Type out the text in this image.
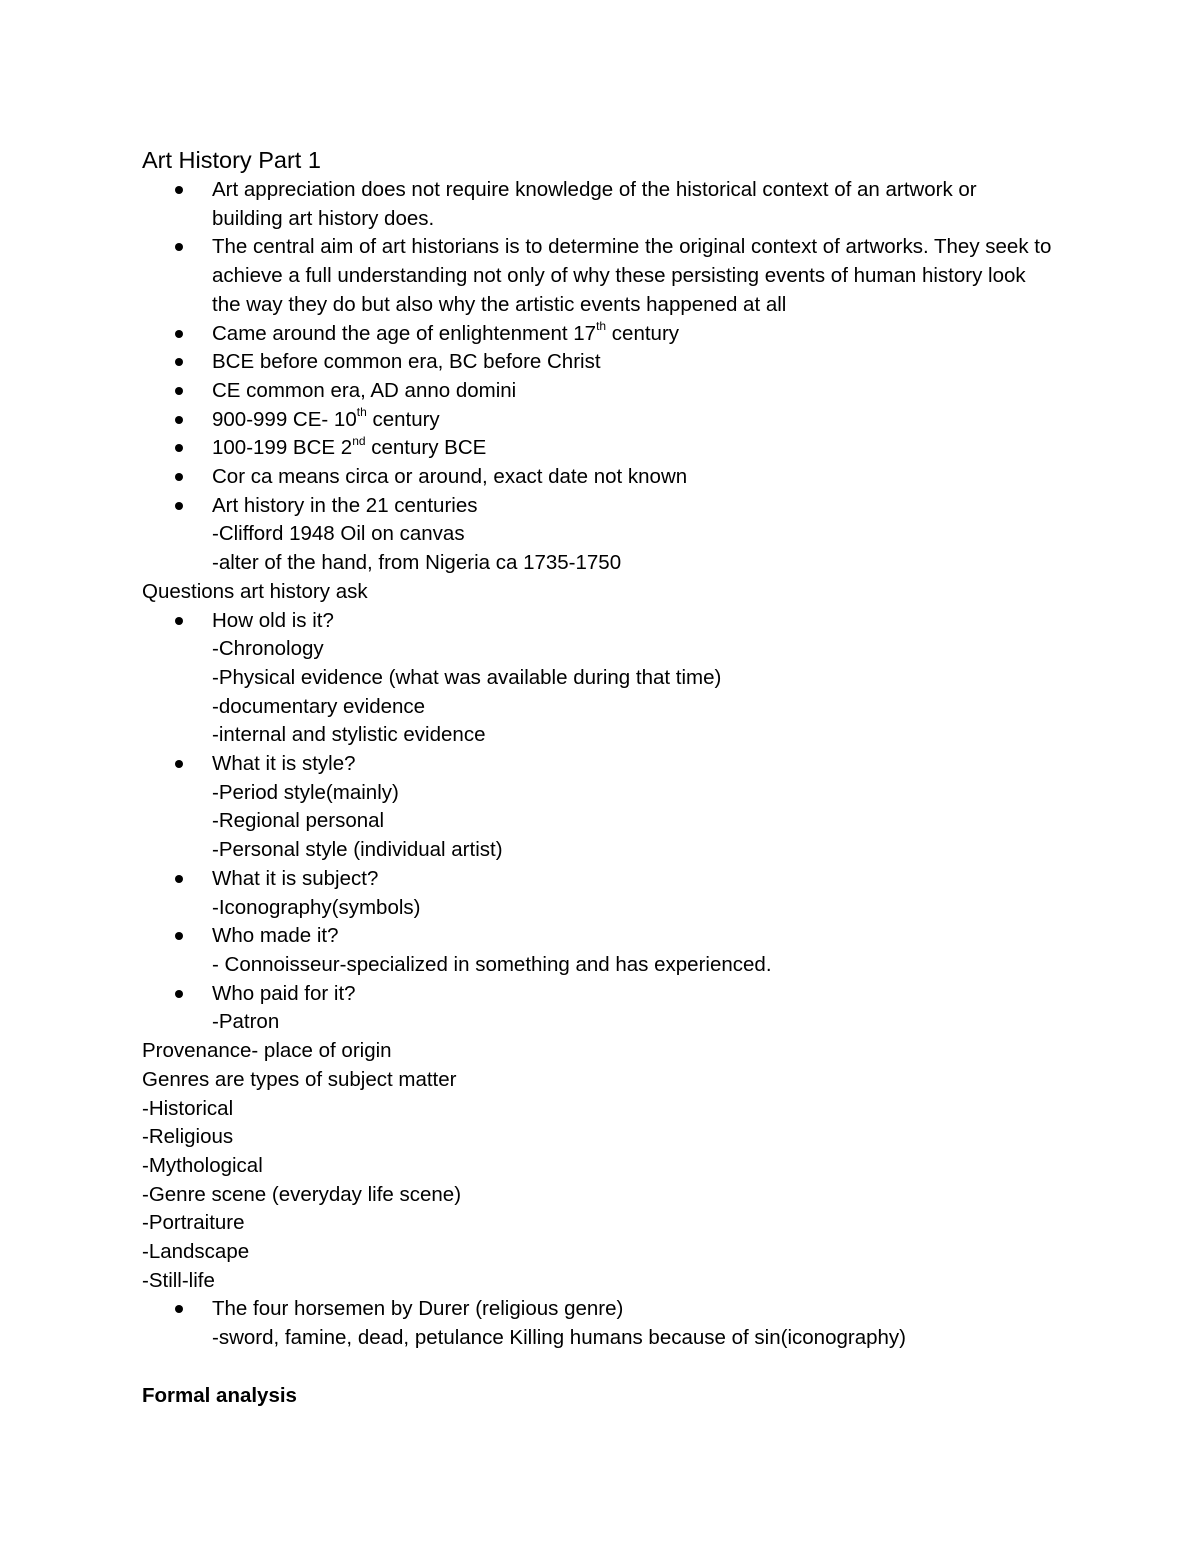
Art History Part 1
Art appreciation does not require knowledge of the historical context of an artwork or building art history does.
The central aim of art historians is to determine the original context of artworks. They seek to achieve a full understanding not only of why these persisting events of human history look the way they do but also why the artistic events happened at all
Came around the age of enlightenment 17th century
BCE before common era, BC before Christ
CE common era, AD anno domini
900-999 CE- 10th century
100-199 BCE 2nd century BCE
Cor ca means circa or around, exact date not known
Art history in the 21 centuries
-Clifford 1948 Oil on canvas
-alter of the hand, from Nigeria ca 1735-1750
Questions art history ask
How old is it?
-Chronology
-Physical evidence (what was available during that time)
-documentary evidence
-internal and stylistic evidence
What it is style?
-Period style(mainly)
-Regional personal
-Personal style (individual artist)
What it is subject?
-Iconography(symbols)
Who made it?
- Connoisseur-specialized in something and has experienced.
Who paid for it?
-Patron
Provenance- place of origin
Genres are types of subject matter
-Historical
-Religious
-Mythological
-Genre scene (everyday life scene)
-Portraiture
-Landscape
-Still-life
The four horsemen by Durer (religious genre)
-sword, famine, dead, petulance Killing humans because of sin(iconography)
Formal analysis
